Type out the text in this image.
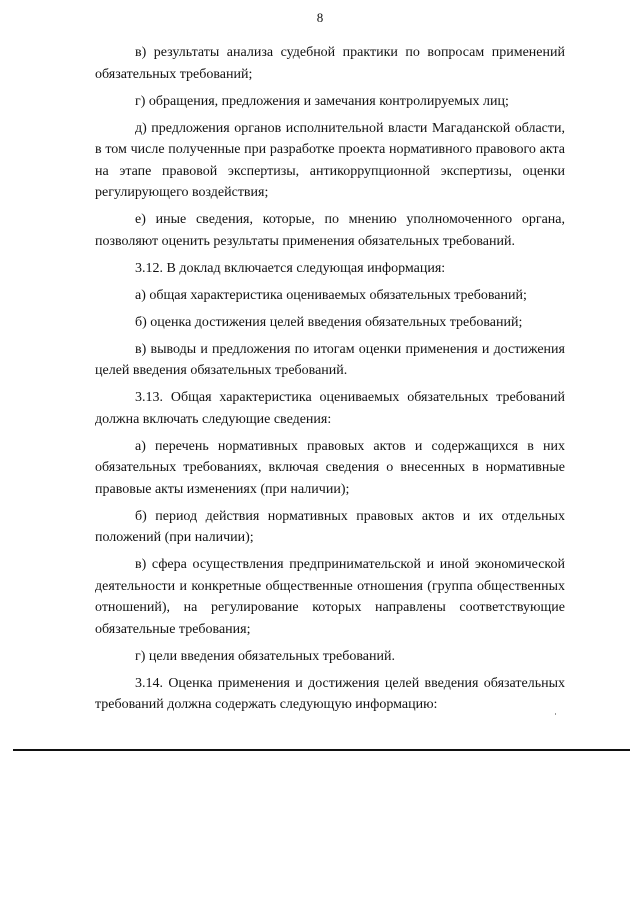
8

в) результаты анализа судебной практики по вопросам применений обязательных требований;

г) обращения, предложения и замечания контролируемых лиц;

д) предложения органов исполнительной власти Магаданской области, в том числе полученные при разработке проекта нормативного правового акта на этапе правовой экспертизы, антикоррупционной экспертизы, оценки регулирующего воздействия;

е) иные сведения, которые, по мнению уполномоченного органа, позволяют оценить результаты применения обязательных требований.

3.12. В доклад включается следующая информация:

а) общая характеристика оцениваемых обязательных требований;

б) оценка достижения целей введения обязательных требований;

в) выводы и предложения по итогам оценки применения и достижения целей введения обязательных требований.

3.13. Общая характеристика оцениваемых обязательных требований должна включать следующие сведения:

а) перечень нормативных правовых актов и содержащихся в них обязательных требованиях, включая сведения о внесенных в нормативные правовые акты изменениях (при наличии);

б) период действия нормативных правовых актов и их отдельных положений (при наличии);

в) сфера осуществления предпринимательской и иной экономической деятельности и конкретные общественные отношения (группа общественных отношений), на регулирование которых направлены соответствующие обязательные требования;

г) цели введения обязательных требований.

3.14. Оценка применения и достижения целей введения обязательных требований должна содержать следующую информацию:
